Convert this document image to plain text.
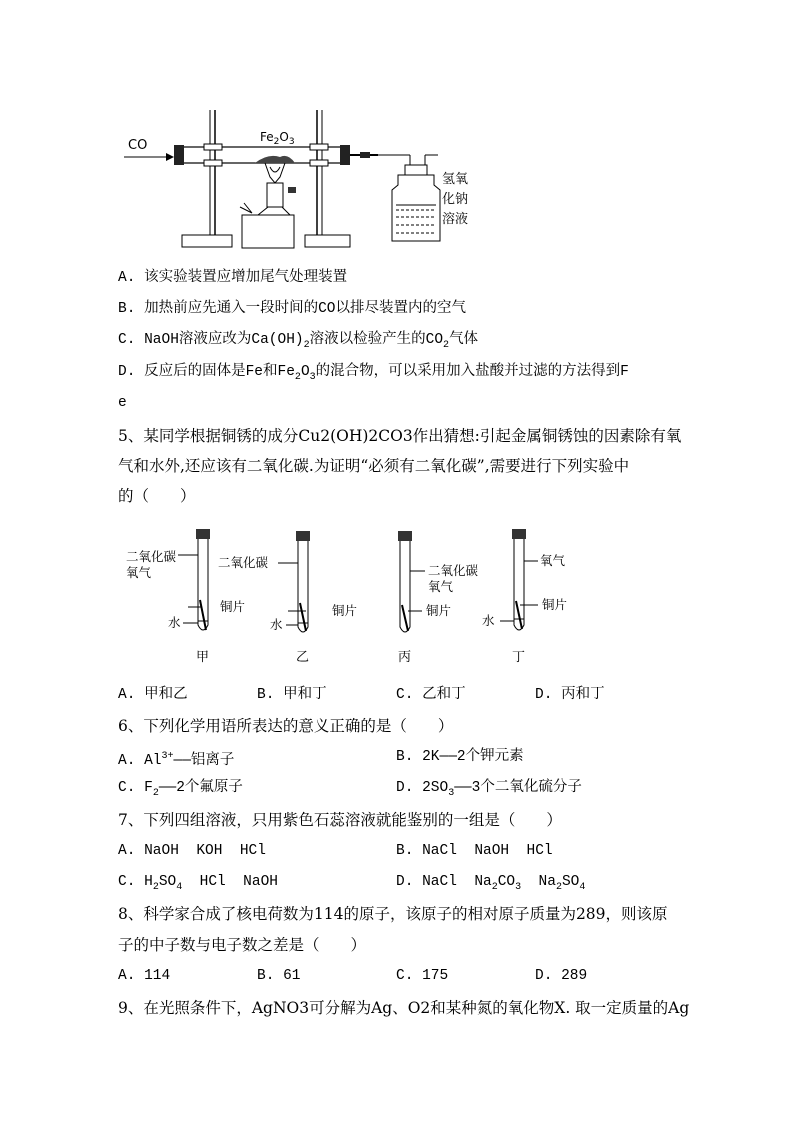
CO
$Fe_2O_3$
氢氧
化钠
溶液
A. 该实验装置应增加尾气处理装置
B. 加热前应先通入一段时间的CO以排尽装置内的空气
C. NaOH溶液应改为$Ca(OH)_2$溶液以检验产生的$CO_2$气体
D. 反应后的固体是Fe和$Fe_2O_3$的混合物，可以采用加入盐酸并过滤的方法得到F
e
5、某同学根据铜锈的成分Cu2(OH)2CO3作出猜想:引起金属铜锈蚀的因素除有氧
气和水外,还应该有二氧化碳.为证明“必须有二氧化碳”,需要进行下列实验中
的（　　）
二氧化碳
氧气
铜片
水
甲
二氧化碳
铜片
水
乙
二氧化碳
氧气
铜片
丙
氧气
铜片
水
丁
A. 甲和乙	B. 甲和丁	C. 乙和丁	D. 丙和丁
6、下列化学用语所表达的意义正确的是（　　）
A. $Al^{3+}——$铝离子	B. 2K——2个钾元素
C. $F_2——2$个氟原子	D. $2SO_3——3$个二氧化硫分子
7、下列四组溶液，只用紫色石蕊溶液就能鉴别的一组是（　　）
A. NaOH  KOH  HCl	B. NaCl  NaOH  HCl
C. $H_2SO_4$  HCl  NaOH	D. NaCl  $Na_2CO_3$  $Na_2SO_4$
8、科学家合成了核电荷数为114的原子，该原子的相对原子质量为289，则该原
子的中子数与电子数之差是（　　）
A. 114	B. 61	C. 175	D. 289
9、在光照条件下，AgNO3可分解为Ag、O2和某种氮的氧化物X. 取一定质量的Ag
